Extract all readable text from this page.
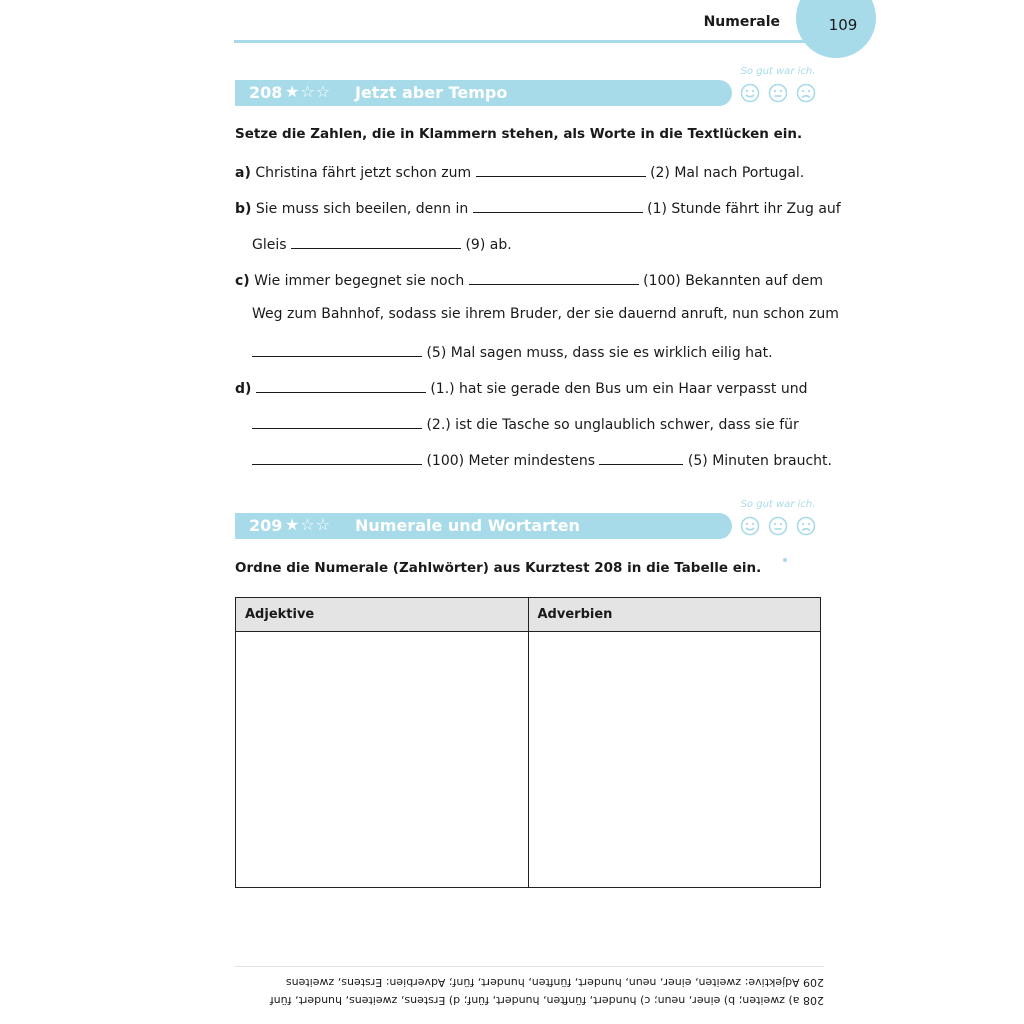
Numerale	109
So gut war ich.
208 ★☆☆ Jetzt aber Tempo
Setze die Zahlen, die in Klammern stehen, als Worte in die Textlücken ein.
a) Christina fährt jetzt schon zum	(2) Mal nach Portugal.
b) Sie muss sich beeilen, denn in	(1) Stunde fährt ihr Zug auf
Gleis	(9) ab.
c) Wie immer begegnet sie noch	(100) Bekannten auf dem
Weg zum Bahnhof, sodass sie ihrem Bruder, der sie dauernd anruft, nun schon zum
(5) Mal sagen muss, dass sie es wirklich eilig hat.
d)	(1.) hat sie gerade den Bus um ein Haar verpasst und
(2.) ist die Tasche so unglaublich schwer, dass sie für
(100) Meter mindestens	(5) Minuten braucht.
So gut war ich.
209 ★☆☆ Numerale und Wortarten
Ordne die Numerale (Zahlwörter) aus Kurztest 208 in die Tabelle ein.
Adjektive	Adverbien

209 Adjektive: zweiten, einer, neun, hundert, fünften, hundert, fünf; Adverbien: Erstens, zweitens
208 a) zweiten; b) einer, neun; c) hundert, fünften, hundert, fünf; d) Erstens, zweitens, hundert, fünf
